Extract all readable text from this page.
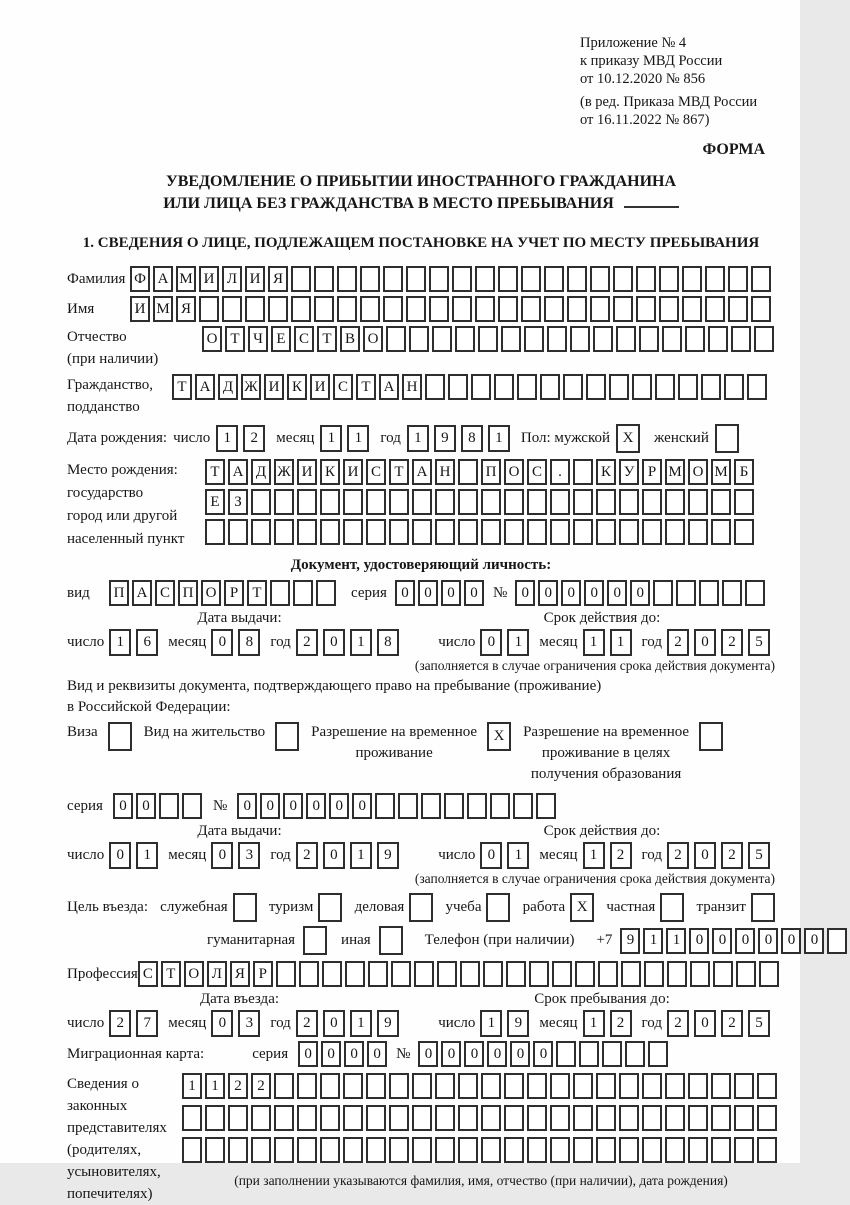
Приложение № 4
к приказу МВД России
от 10.12.2020 № 856
(в ред. Приказа МВД России
от 16.11.2022 № 867)
ФОРМА
УВЕДОМЛЕНИЕ О ПРИБЫТИИ ИНОСТРАННОГО ГРАЖДАНИНА
ИЛИ ЛИЦА БЕЗ ГРАЖДАНСТВА В МЕСТО ПРЕБЫВАНИЯ
1. СВЕДЕНИЯ О ЛИЦЕ, ПОДЛЕЖАЩЕМ ПОСТАНОВКЕ НА УЧЕТ ПО МЕСТУ ПРЕБЫВАНИЯ
Фамилия Ф А М И Л И Я
Имя	И М Я
Отчество
(при наличии)
О Т Ч Е С Т В О
Гражданство,
подданство
Т А Д Ж И К И С Т А Н
Дата рождения: число 1	2	месяц 1	1	год 1	9	8	1	Пол: мужской X	женский
Место рождения:
государство
город или другой
населенный пункт
Т А Д Ж И К И С Т А Н	П О С	.	К У Р М О М Б
Е З
Документ, удостоверяющий личность:
вид	П А С П О Р Т	серия 0	0	0	0	№ 0	0	0	0	0	0
Дата выдачи:	Срок действия до:
число 1	6	месяц 0	8	год 2	0	1	8	число 0	1	месяц 1	1	год 2	0	2	5
(заполняется в случае ограничения срока действия документа)
Вид и реквизиты документа, подтверждающего право на пребывание (проживание)
в Российской Федерации:
Виза	Вид на жительство	Разрешение на временное
проживание
X	Разрешение на временное
проживание в целях
получения образования
серия	0	0	№	0	0	0	0	0	0
Дата выдачи:	Срок действия до:
число 0	1	месяц 0	3	год 2	0	1	9	число 0	1	месяц 1	2	год 2	0	2	5
(заполняется в случае ограничения срока действия документа)
Цель въезда: служебная	туризм	деловая	учеба	работа X	частная	транзит
гуманитарная	иная	Телефон (при наличии) +7 9	1	1	0	0	0	0	0	0
Профессия С Т О Л Я Р
Дата въезда:	Срок пребывания до:
число 2	7	месяц 0	3	год 2	0	1	9	число 1	9	месяц 1	2	год 2	0	2	5
Миграционная карта:	серия	0	0	0	0	№ 0	0	0	0	0	0
Сведения о
законных
представителях
(родителях,
усыновителях,
попечителях)
1	1	2	2
(при заполнении указываются фамилия, имя, отчество (при наличии), дата рождения)
